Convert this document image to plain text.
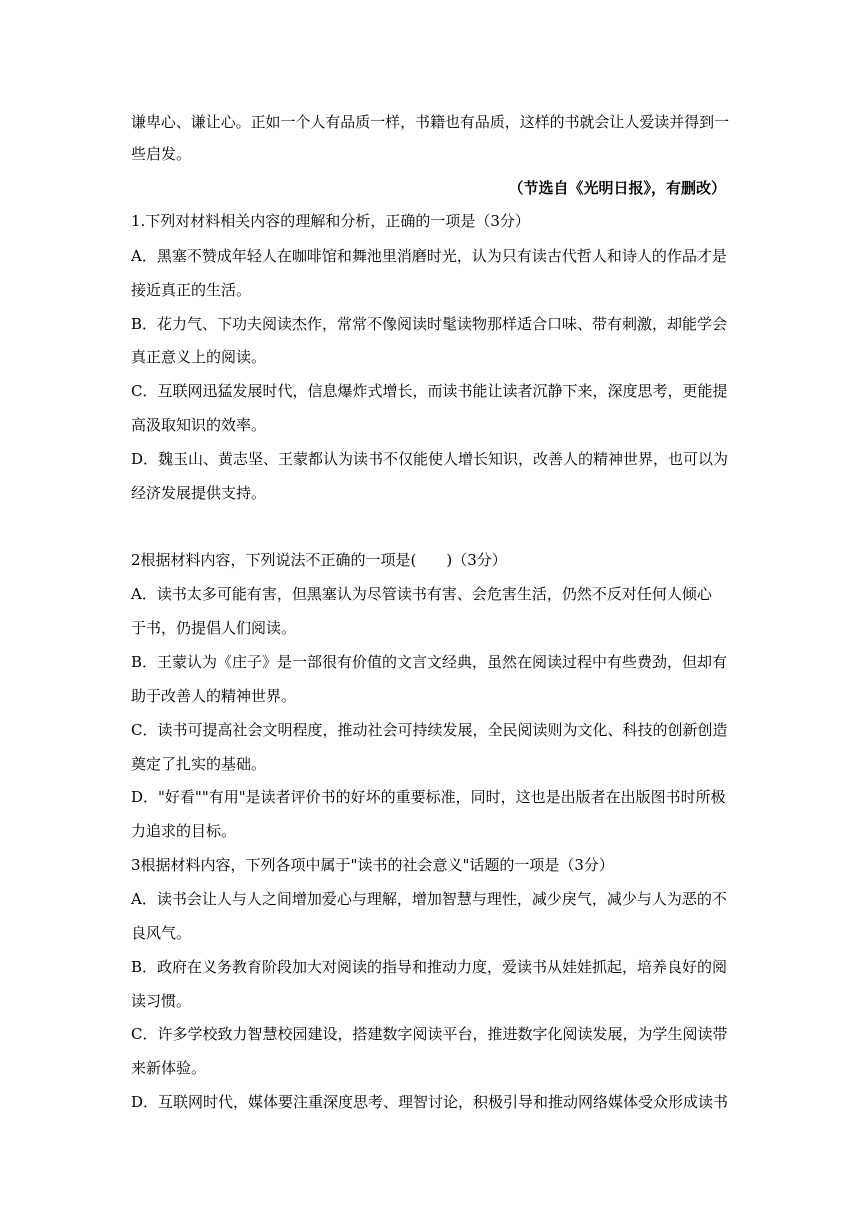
谦卑心、谦让心。正如一个人有品质一样，书籍也有品质，这样的书就会让人爱读并得到一
些启发。
（节选自《光明日报》，有删改）
1.下列对材料相关内容的理解和分析，正确的一项是（3分）
A．黑塞不赞成年轻人在咖啡馆和舞池里消磨时光，认为只有读古代哲人和诗人的作品才是
接近真正的生活。
B．花力气、下功夫阅读杰作，常常不像阅读时髦读物那样适合口味、带有刺激，却能学会
真正意义上的阅读。
C．互联网迅猛发展时代，信息爆炸式增长，而读书能让读者沉静下来，深度思考，更能提
高汲取知识的效率。
D．魏玉山、黄志坚、王蒙都认为读书不仅能使人增长知识，改善人的精神世界，也可以为
经济发展提供支持。
2根据材料内容，下列说法不正确的一项是(　　)（3分）
A．读书太多可能有害，但黑塞认为尽管读书有害、会危害生活，仍然不反对任何人倾心
于书，仍提倡人们阅读。
B．王蒙认为《庄子》是一部很有价值的文言文经典，虽然在阅读过程中有些费劲，但却有
助于改善人的精神世界。
C．读书可提高社会文明程度，推动社会可持续发展，全民阅读则为文化、科技的创新创造
奠定了扎实的基础。
D．"好看""有用"是读者评价书的好坏的重要标准，同时，这也是出版者在出版图书时所极
力追求的目标。
3根据材料内容，下列各项中属于"读书的社会意义"话题的一项是（3分）
A．读书会让人与人之间增加爱心与理解，增加智慧与理性，减少戾气，减少与人为恶的不
良风气。
B．政府在义务教育阶段加大对阅读的指导和推动力度，爱读书从娃娃抓起，培养良好的阅
读习惯。
C．许多学校致力智慧校园建设，搭建数字阅读平台，推进数字化阅读发展，为学生阅读带
来新体验。
D．互联网时代，媒体要注重深度思考、理智讨论，积极引导和推动网络媒体受众形成读书
